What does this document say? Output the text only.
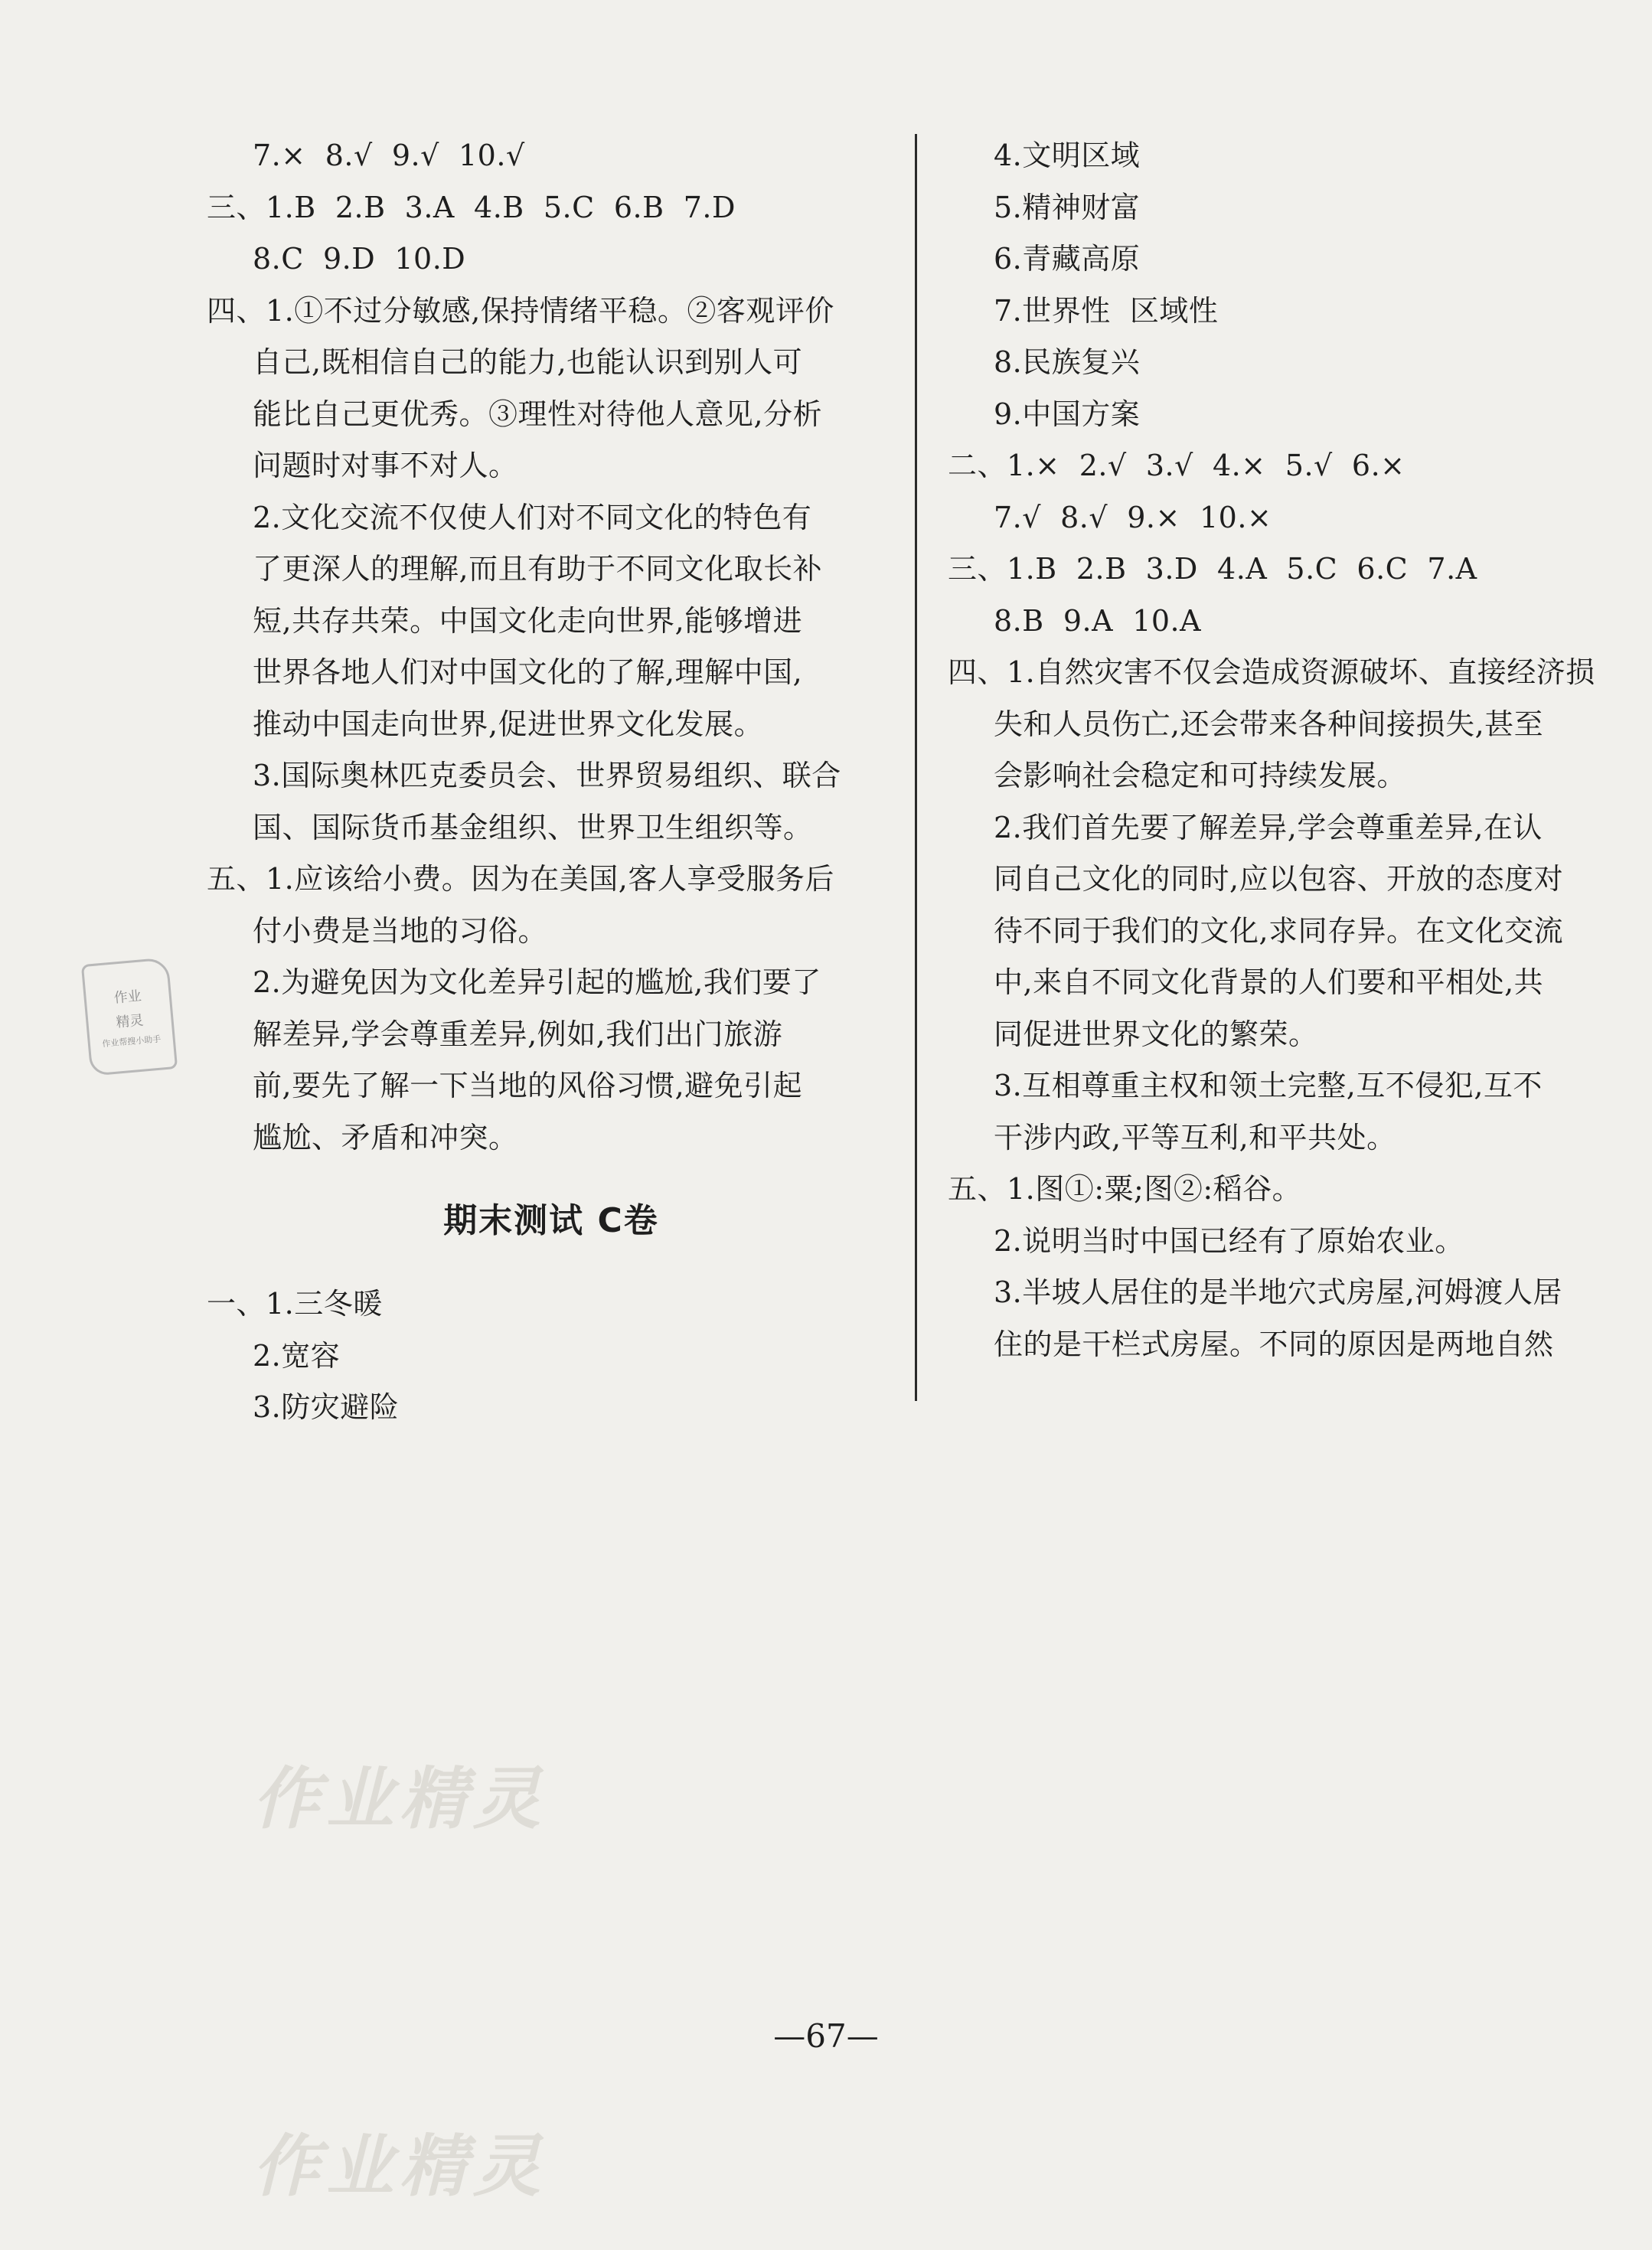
7.×  8.√  9.√  10.√
三、1.B  2.B  3.A  4.B  5.C  6.B  7.D
8.C  9.D  10.D
四、1.①不过分敏感,保持情绪平稳。②客观评价
自己,既相信自己的能力,也能认识到别人可
能比自己更优秀。③理性对待他人意见,分析
问题时对事不对人。
2.文化交流不仅使人们对不同文化的特色有
了更深人的理解,而且有助于不同文化取长补
短,共存共荣。中国文化走向世界,能够增进
世界各地人们对中国文化的了解,理解中国,
推动中国走向世界,促进世界文化发展。
3.国际奥林匹克委员会、世界贸易组织、联合
国、国际货币基金组织、世界卫生组织等。
五、1.应该给小费。因为在美国,客人享受服务后
付小费是当地的习俗。
2.为避免因为文化差异引起的尴尬,我们要了
解差异,学会尊重差异,例如,我们出门旅游
前,要先了解一下当地的风俗习惯,避免引起
尴尬、矛盾和冲突。
期末测试 C卷
一、1.三冬暖
2.宽容
3.防灾避险
4.文明区域
5.精神财富
6.青藏高原
7.世界性  区域性
8.民族复兴
9.中国方案
二、1.×  2.√  3.√  4.×  5.√  6.×
7.√  8.√  9.×  10.×
三、1.B  2.B  3.D  4.A  5.C  6.C  7.A
8.B  9.A  10.A
四、1.自然灾害不仅会造成资源破坏、直接经济损
失和人员伤亡,还会带来各种间接损失,甚至
会影响社会稳定和可持续发展。
2.我们首先要了解差异,学会尊重差异,在认
同自己文化的同时,应以包容、开放的态度对
待不同于我们的文化,求同存异。在文化交流
中,来自不同文化背景的人们要和平相处,共
同促进世界文化的繁荣。
3.互相尊重主权和领土完整,互不侵犯,互不
干涉内政,平等互利,和平共处。
五、1.图①:粟;图②:稻谷。
2.说明当时中国已经有了原始农业。
3.半坡人居住的是半地穴式房屋,河姆渡人居
住的是干栏式房屋。不同的原因是两地自然
作业
精灵
作业帮搜小助手
作业精灵
作业精灵
—67—
